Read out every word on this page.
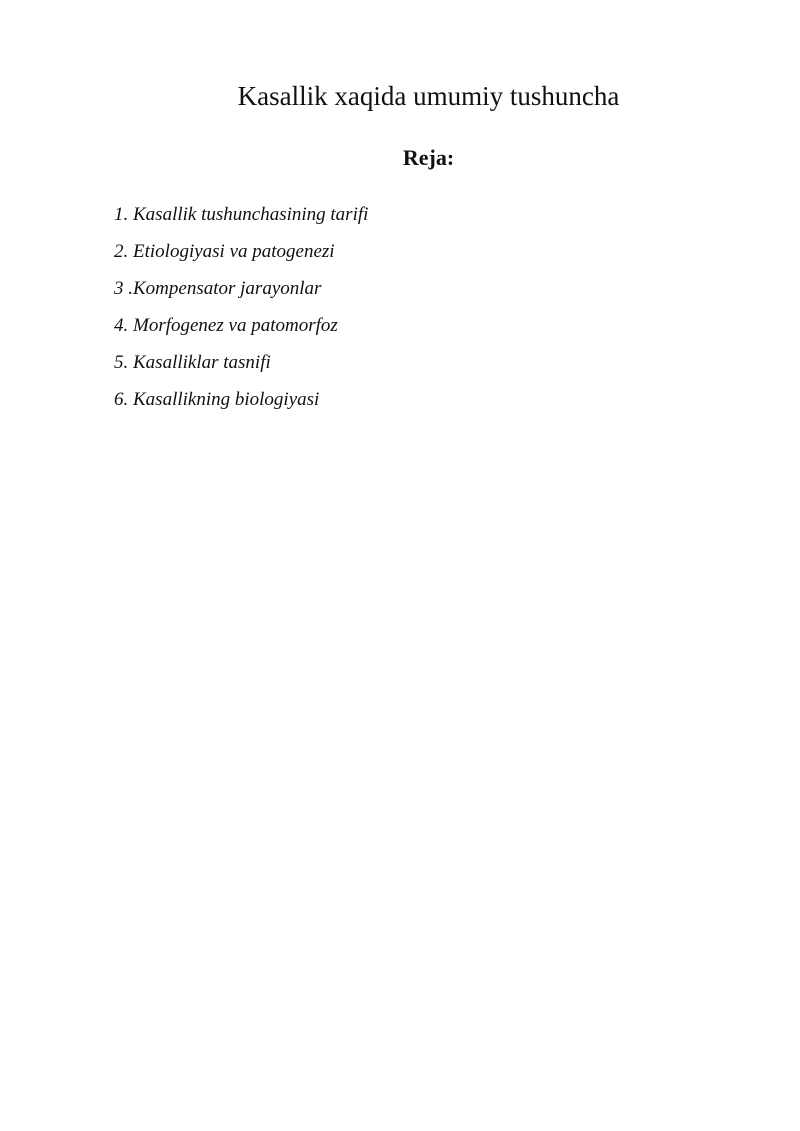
Kasallik xaqida umumiy tushuncha
Reja:
1. Kasallik tushunchasining tarifi
2. Etiologiyasi va patogenezi
3 .Kompensator jarayonlar
4. Morfogenez va patomorfoz
5. Kasalliklar tasnifi
6. Kasallikning biologiyasi
